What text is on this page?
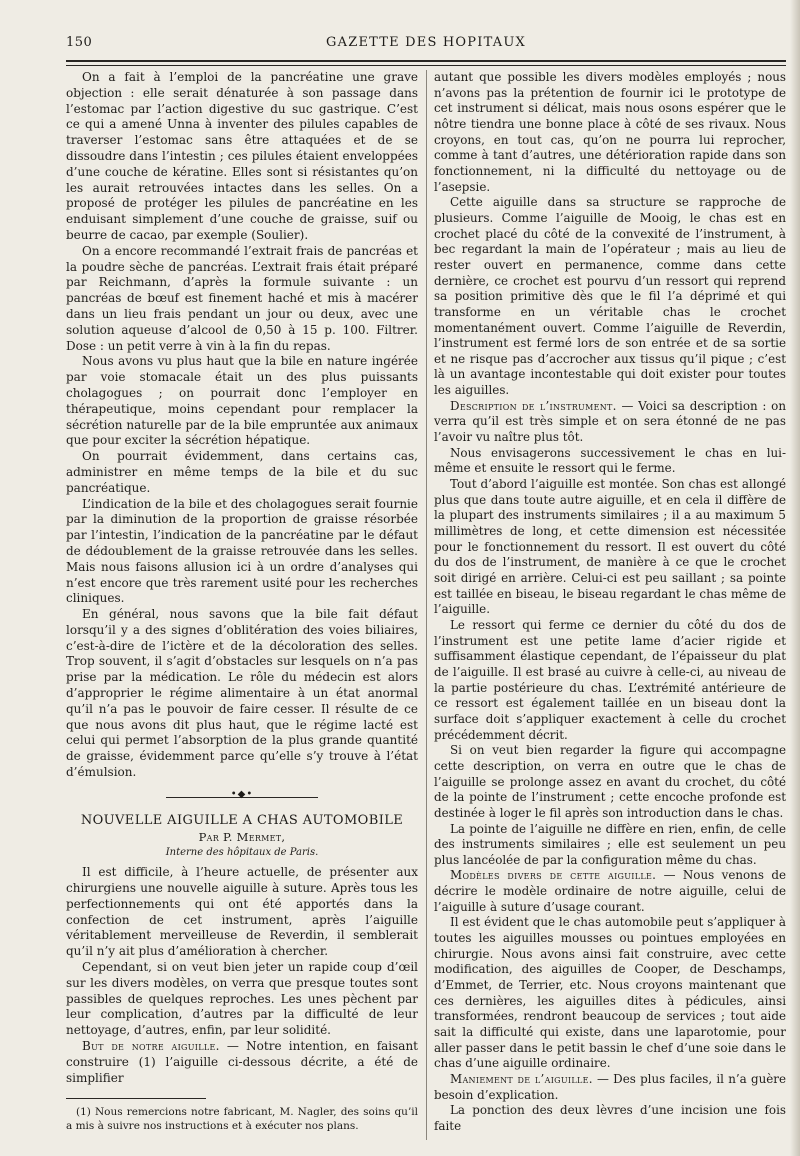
150	GAZETTE DES HOPITAUX

On a fait à l’emploi de la pancréatine une grave objection : elle serait dénaturée à son passage dans l’estomac par l’action digestive du suc gastrique. C’est ce qui a amené Unna à inventer des pilules capables de traverser l’estomac sans être attaquées et de se dissoudre dans l’intestin ; ces pilules étaient enveloppées d’une couche de kératine. Elles sont si résistantes qu’on les aurait retrouvées intactes dans les selles. On a proposé de protéger les pilules de pancréatine en les enduisant simplement d’une couche de graisse, suif ou beurre de cacao, par exemple (Soulier).

On a encore recommandé l’extrait frais de pancréas et la poudre sèche de pancréas. L’extrait frais était préparé par Reichmann, d’après la formule suivante : un pancréas de bœuf est finement haché et mis à macérer dans un lieu frais pendant un jour ou deux, avec une solution aqueuse d’alcool de 0,50 à 15 p. 100. Filtrer. Dose : un petit verre à vin à la fin du repas.

Nous avons vu plus haut que la bile en nature ingérée par voie stomacale était un des plus puissants cholagogues ; on pourrait donc l’employer en thérapeutique, moins cependant pour remplacer la sécrétion naturelle par de la bile empruntée aux animaux que pour exciter la sécrétion hépatique.

On pourrait évidemment, dans certains cas, administrer en même temps de la bile et du suc pancréatique.

L’indication de la bile et des cholagogues serait fournie par la diminution de la proportion de graisse résorbée par l’intestin, l’indication de la pancréatine par le défaut de dédoublement de la graisse retrouvée dans les selles. Mais nous faisons allusion ici à un ordre d’analyses qui n’est encore que très rarement usité pour les recherches cliniques.

En général, nous savons que la bile fait défaut lorsqu’il y a des signes d’oblitération des voies biliaires, c’est-à-dire de l’ictère et de la décoloration des selles. Trop souvent, il s’agit d’obstacles sur lesquels on n’a pas prise par la médication. Le rôle du médecin est alors d’approprier le régime alimentaire à un état anormal qu’il n’a pas le pouvoir de faire cesser. Il résulte de ce que nous avons dit plus haut, que le régime lacté est celui qui permet l’absorption de la plus grande quantité de graisse, évidemment parce qu’elle s’y trouve à l’état d’émulsion.

•◆•
NOUVELLE AIGUILLE A CHAS AUTOMOBILE
Par P. Mermet,
Interne des hôpitaux de Paris.

Il est difficile, à l’heure actuelle, de présenter aux chirurgiens une nouvelle aiguille à suture. Après tous les perfectionnements qui ont été apportés dans la confection de cet instrument, après l’aiguille véritablement merveilleuse de Reverdin, il semblerait qu’il n’y ait plus d’amélioration à chercher.

Cependant, si on veut bien jeter un rapide coup d’œil sur les divers modèles, on verra que presque toutes sont passibles de quelques reproches. Les unes pèchent par leur complication, d’autres par la difficulté de leur nettoyage, d’autres, enfin, par leur solidité.

But de notre aiguille. — Notre intention, en faisant construire (1) l’aiguille ci-dessous décrite, a été de simplifier

(1) Nous remercions notre fabricant, M. Nagler, des soins qu’il a mis à suivre nos instructions et à exécuter nos plans.

autant que possible les divers modèles employés ; nous n’avons pas la prétention de fournir ici le prototype de cet instrument si délicat, mais nous osons espérer que le nôtre tiendra une bonne place à côté de ses rivaux. Nous croyons, en tout cas, qu’on ne pourra lui reprocher, comme à tant d’autres, une détérioration rapide dans son fonctionnement, ni la difficulté du nettoyage ou de l’asepsie.

Cette aiguille dans sa structure se rapproche de plusieurs. Comme l’aiguille de Mooig, le chas est en crochet placé du côté de la convexité de l’instrument, à bec regardant la main de l’opérateur ; mais au lieu de rester ouvert en permanence, comme dans cette dernière, ce crochet est pourvu d’un ressort qui reprend sa position primitive dès que le fil l’a déprimé et qui transforme en un véritable chas le crochet momentanément ouvert. Comme l’aiguille de Reverdin, l’instrument est fermé lors de son entrée et de sa sortie et ne risque pas d’accrocher aux tissus qu’il pique ; c’est là un avantage incontestable qui doit exister pour toutes les aiguilles.

Description de l’instrument. — Voici sa description : on verra qu’il est très simple et on sera étonné de ne pas l’avoir vu naître plus tôt.

Nous envisagerons successivement le chas en lui-même et ensuite le ressort qui le ferme.

Tout d’abord l’aiguille est montée. Son chas est allongé plus que dans toute autre aiguille, et en cela il diffère de la plupart des instruments similaires ; il a au maximum 5 millimètres de long, et cette dimension est nécessitée pour le fonctionnement du ressort. Il est ouvert du côté du dos de l’instrument, de manière à ce que le crochet soit dirigé en arrière. Celui-ci est peu saillant ; sa pointe est taillée en biseau, le biseau regardant le chas même de l’aiguille.

Le ressort qui ferme ce dernier du côté du dos de l’instrument est une petite lame d’acier rigide et suffisamment élastique cependant, de l’épaisseur du plat de l’aiguille. Il est brasé au cuivre à celle-ci, au niveau de la partie postérieure du chas. L’extrémité antérieure de ce ressort est également taillée en un biseau dont la surface doit s’appliquer exactement à celle du crochet précédemment décrit.

Si on veut bien regarder la figure qui accompagne cette description, on verra en outre que le chas de l’aiguille se prolonge assez en avant du crochet, du côté de la pointe de l’instrument ; cette encoche profonde est destinée à loger le fil après son introduction dans le chas.

La pointe de l’aiguille ne diffère en rien, enfin, de celle des instruments similaires ; elle est seulement un peu plus lancéolée de par la configuration même du chas.

Modèles divers de cette aiguille. — Nous venons de décrire le modèle ordinaire de notre aiguille, celui de l’aiguille à suture d’usage courant.

Il est évident que le chas automobile peut s’appliquer à toutes les aiguilles mousses ou pointues employées en chirurgie. Nous avons ainsi fait construire, avec cette modification, des aiguilles de Cooper, de Deschamps, d’Emmet, de Terrier, etc. Nous croyons maintenant que ces dernières, les aiguilles dites à pédicules, ainsi transformées, rendront beaucoup de services ; tout aide sait la difficulté qui existe, dans une laparotomie, pour aller passer dans le petit bassin le chef d’une soie dans le chas d’une aiguille ordinaire.

Maniement de l’aiguille. — Des plus faciles, il n’a guère besoin d’explication.

La ponction des deux lèvres d’une incision une fois faite
